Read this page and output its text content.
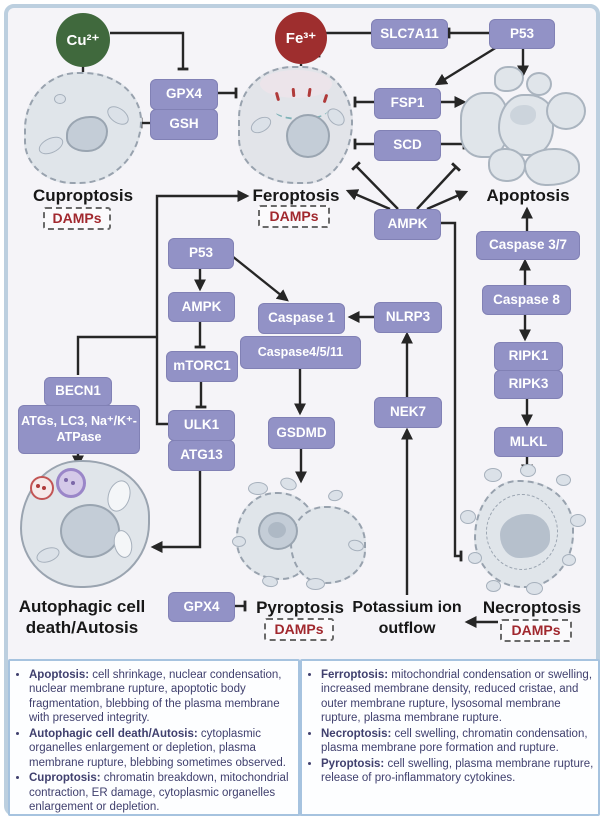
Cu²⁺	Fe³⁺
GPX4
GSH
SLC7A11	P53
FSP1
SCD
AMPK
Caspase 3/7
Caspase 8
RIPK1
RIPK3
MLKL
P53
AMPK
mTORC1
ULK1
ATG13
Caspase 1
Caspase4/5/11
GSDMD
NLRP3
NEK7
BECN1
ATGs, LC3, Na⁺/K⁺-ATPase
GPX4
Cuproptosis	Feroptosis	Apoptosis
Autophagic cell
death/Autosis
Pyroptosis Potassium ion
outflow
Necroptosis
DAMPs	DAMPs
DAMPs	DAMPs
• Apoptosis: cell shrinkage, nuclear condensation, nuclear membrane rupture, apoptotic body fragmentation, blebbing of the plasma membrane with preserved integrity.
• Autophagic cell death/Autosis: cytoplasmic organelles enlargement or depletion, plasma membrane rupture, blebbing sometimes observed.
• Cuproptosis: chromatin breakdown, mitochondrial contraction, ER damage, cytoplasmic organelles enlargement or depletion.
• Ferroptosis: mitochondrial condensation or swelling, increased membrane density, reduced cristae, and outer membrane rupture, lysosomal membrane rupture, plasma membrane rupture.
• Necroptosis: cell swelling, chromatin condensation, plasma membrane pore formation and rupture.
• Pyroptosis: cell swelling, plasma membrane rupture, release of pro-inflammatory cytokines.
